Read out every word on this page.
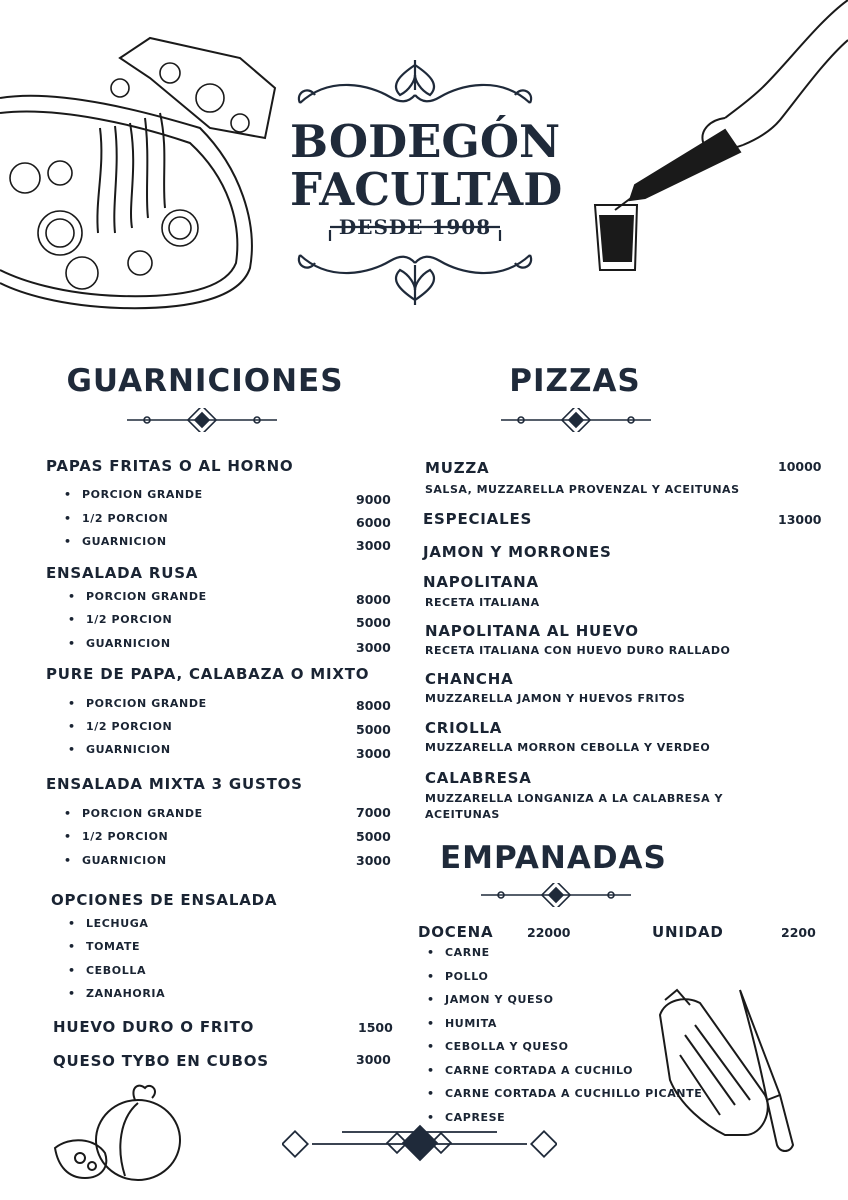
BODEGÓN
FACULTAD
DESDE 1908
GUARNICIONES	PIZZAS
PAPAS FRITAS O AL HORNO
• PORCION GRANDE	9000
• 1/2 PORCION	6000
• GUARNICION	3000
ENSALADA RUSA
• PORCION GRANDE	8000
• 1/2 PORCION	5000
• GUARNICION	3000
PURE DE PAPA, CALABAZA O MIXTO
• PORCION GRANDE	8000
• 1/2 PORCION	5000
• GUARNICION	3000
ENSALADA MIXTA 3 GUSTOS
• PORCION GRANDE	7000
• 1/2 PORCION	5000
• GUARNICION	3000
OPCIONES DE ENSALADA
• LECHUGA
• TOMATE
• CEBOLLA
• ZANAHORIA
HUEVO DURO O FRITO	1500
QUESO TYBO EN CUBOS	3000
MUZZA	10000
SALSA, MUZZARELLA PROVENZAL Y ACEITUNAS
ESPECIALES	13000
JAMON Y MORRONES
NAPOLITANA
RECETA ITALIANA
NAPOLITANA AL HUEVO
RECETA ITALIANA CON HUEVO DURO RALLADO
CHANCHA
MUZZARELLA JAMON Y HUEVOS FRITOS
CRIOLLA
MUZZARELLA MORRON CEBOLLA Y VERDEO
CALABRESA
MUZZARELLA LONGANIZA A LA CALABRESA Y ACEITUNAS
EMPANADAS
DOCENA	22000	UNIDAD	2200
• CARNE
• POLLO
• JAMON Y QUESO
• HUMITA
• CEBOLLA Y QUESO
• CARNE CORTADA A CUCHILO
• CARNE CORTADA A CUCHILLO PICANTE
• CAPRESE
